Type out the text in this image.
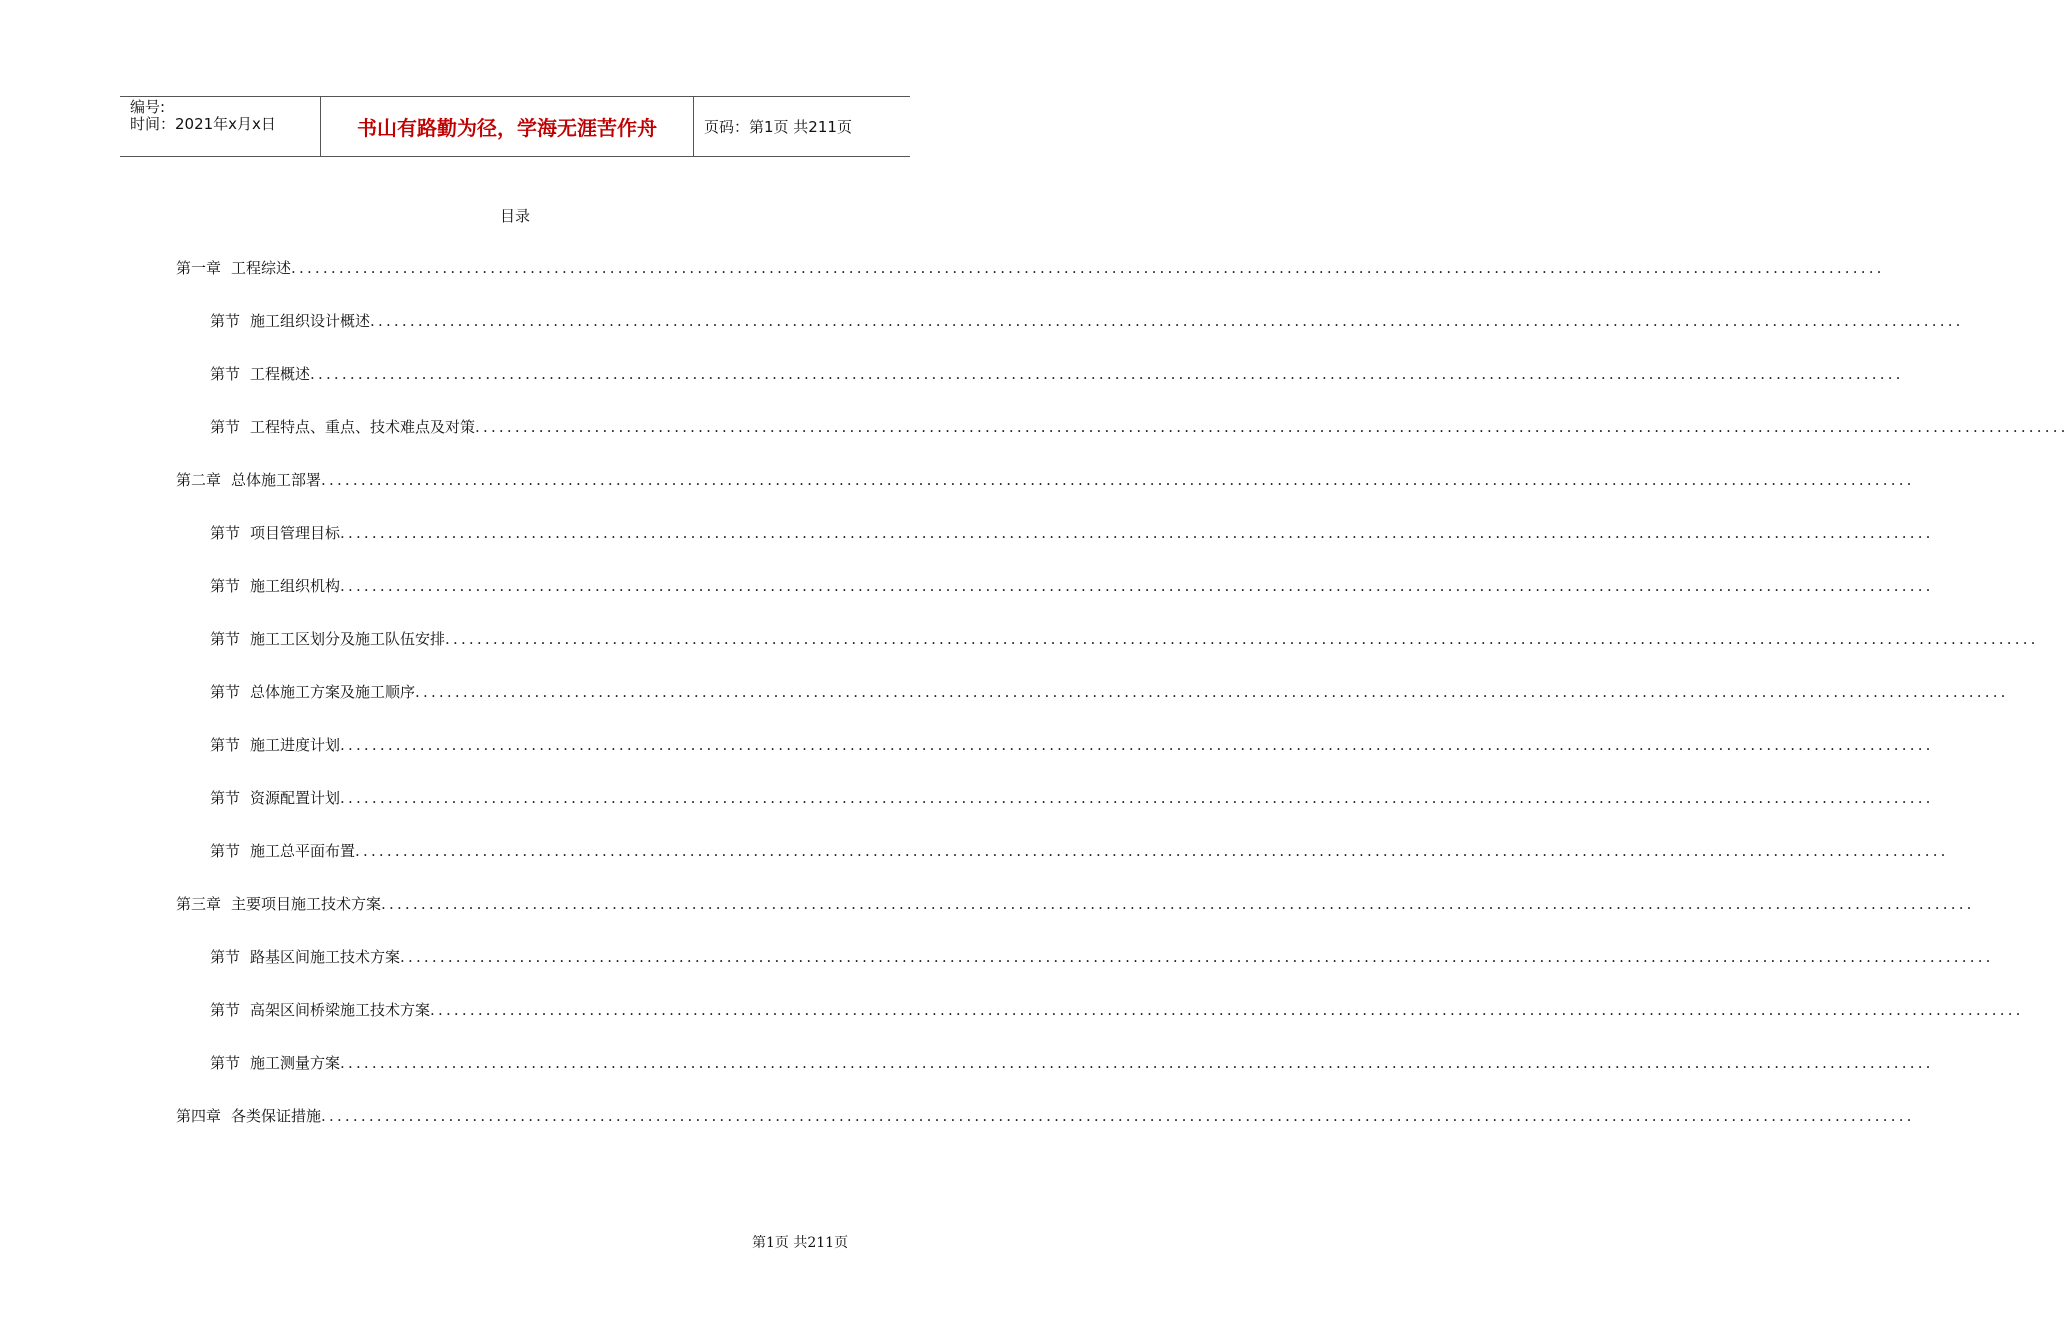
编号:
时间：2021年x月x日	书山有路勤为径，学海无涯苦作舟	页码：第1页 共211页
目录
第一章 工程综述 ........................................................................................................................................................................................................
第节 施工组织设计概述 ........................................................................................................................................................................................................
第节 工程概述 ........................................................................................................................................................................................................
第节 工程特点、重点、技术难点及对策 ........................................................................................................................................................................................................
第二章 总体施工部署 ........................................................................................................................................................................................................
第节 项目管理目标 ........................................................................................................................................................................................................
第节 施工组织机构 ........................................................................................................................................................................................................
第节 施工工区划分及施工队伍安排 ........................................................................................................................................................................................................
第节 总体施工方案及施工顺序 ........................................................................................................................................................................................................
第节 施工进度计划 ........................................................................................................................................................................................................
第节 资源配置计划 ........................................................................................................................................................................................................
第节 施工总平面布置 ........................................................................................................................................................................................................
第三章 主要项目施工技术方案 ........................................................................................................................................................................................................
第节 路基区间施工技术方案 ........................................................................................................................................................................................................
第节 高架区间桥梁施工技术方案 ........................................................................................................................................................................................................
第节 施工测量方案 ........................................................................................................................................................................................................
第四章 各类保证措施 ........................................................................................................................................................................................................
第1页 共211页
